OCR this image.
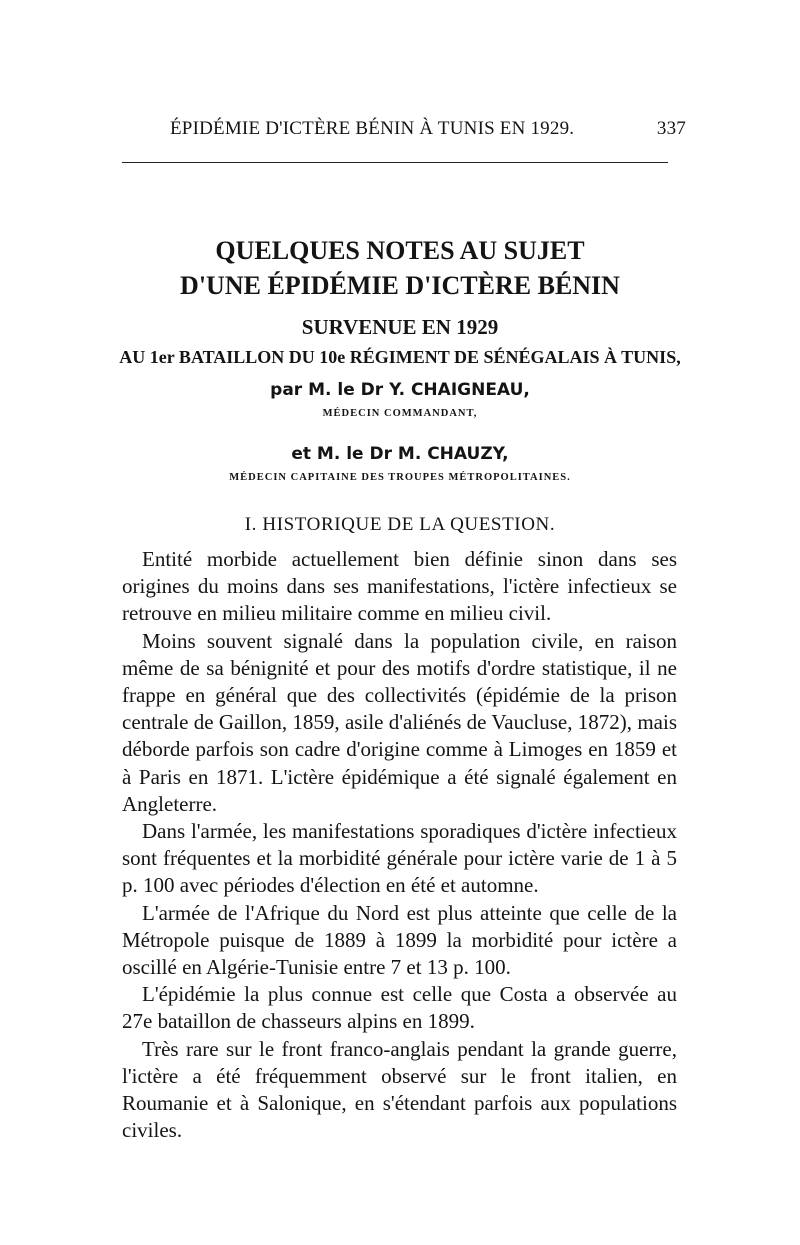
ÉPIDÉMIE D'ICTÈRE BÉNIN À TUNIS EN 1929.	337
QUELQUES NOTES AU SUJET
D'UNE ÉPIDÉMIE D'ICTÈRE BÉNIN
SURVENUE EN 1929
AU 1er BATAILLON DU 10e RÉGIMENT DE SÉNÉGALAIS À TUNIS,
par M. le Dr Y. CHAIGNEAU,
MÉDECIN COMMANDANT,
et M. le Dr M. CHAUZY,
MÉDECIN CAPITAINE DES TROUPES MÉTROPOLITAINES.
I. HISTORIQUE DE LA QUESTION.

Entité morbide actuellement bien définie sinon dans ses origines du moins dans ses manifestations, l'ictère infectieux se retrouve en milieu militaire comme en milieu civil.

Moins souvent signalé dans la population civile, en raison même de sa bénignité et pour des motifs d'ordre statistique, il ne frappe en général que des collectivités (épidémie de la prison centrale de Gaillon, 1859, asile d'aliénés de Vaucluse, 1872), mais déborde parfois son cadre d'origine comme à Limoges en 1859 et à Paris en 1871. L'ictère épidémique a été signalé également en Angleterre.

Dans l'armée, les manifestations sporadiques d'ictère infectieux sont fréquentes et la morbidité générale pour ictère varie de 1 à 5 p. 100 avec périodes d'élection en été et automne.

L'armée de l'Afrique du Nord est plus atteinte que celle de la Métropole puisque de 1889 à 1899 la morbidité pour ictère a oscillé en Algérie-Tunisie entre 7 et 13 p. 100.

L'épidémie la plus connue est celle que Costa a observée au 27e bataillon de chasseurs alpins en 1899.

Très rare sur le front franco-anglais pendant la grande guerre, l'ictère a été fréquemment observé sur le front italien, en Roumanie et à Salonique, en s'étendant parfois aux populations civiles.
